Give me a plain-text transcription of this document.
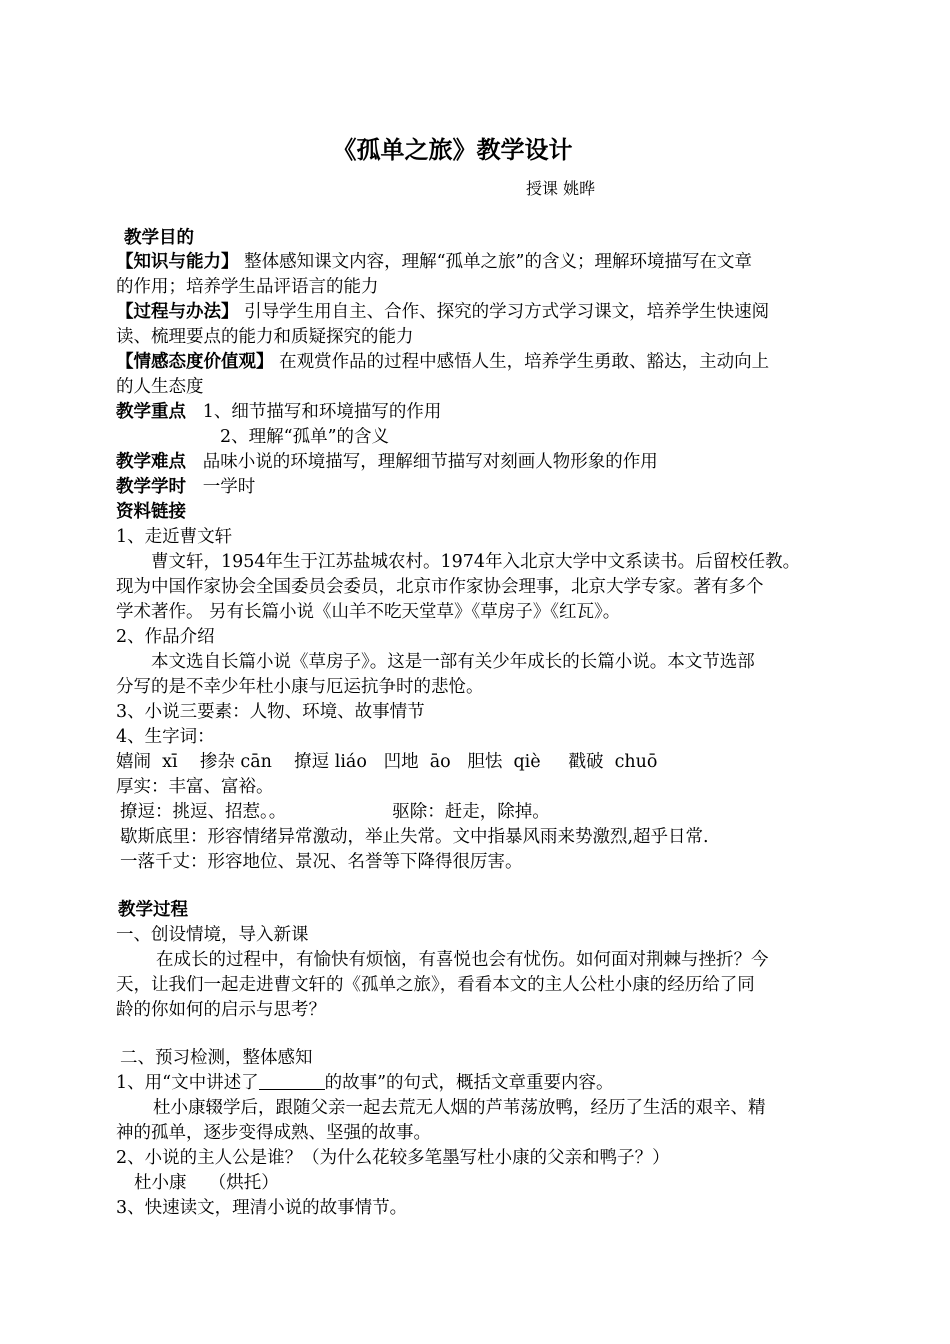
《孤单之旅》教学设计
授课 姚晔
教学目的
【知识与能力】 整体感知课文内容，理解“孤单之旅”的含义；理解环境描写在文章
的作用；培养学生品评语言的能力
【过程与办法】 引导学生用自主、合作、探究的学习方式学习课文，培养学生快速阅
读、梳理要点的能力和质疑探究的能力
【情感态度价值观】 在观赏作品的过程中感悟人生，培养学生勇敢、豁达，主动向上
的人生态度
教学重点 1、细节描写和环境描写的作用
2、理解“孤单”的含义
教学难点 品味小说的环境描写，理解细节描写对刻画人物形象的作用
教学学时 一学时
资料链接
1、走近曹文轩
曹文轩，1954年生于江苏盐城农村。1974年入北京大学中文系读书。后留校任教。
现为中国作家协会全国委员会委员，北京市作家协会理事，北京大学专家。著有多个
学术著作。 另有长篇小说《山羊不吃天堂草》《草房子》《红瓦》。
2、作品介绍
本文选自长篇小说《草房子》。这是一部有关少年成长的长篇小说。本文节选部
分写的是不幸少年杜小康与厄运抗争时的悲怆。
3、小说三要素：人物、环境、故事情节
4、生字词：
嬉闹  xī    掺杂 cān    撩逗 liáo   凹地  āo   胆怯  qiè     戳破  chuō
厚实：丰富、富裕。
撩逗：挑逗、招惹。。	驱除：赶走，除掉。
歇斯底里：形容情绪异常激动，举止失常。文中指暴风雨来势激烈,超乎日常.
一落千丈：形容地位、景况、名誉等下降得很厉害。
教学过程
一、创设情境，导入新课
在成长的过程中，有愉快有烦恼，有喜悦也会有忧伤。如何面对荆棘与挫折？今
天，让我们一起走进曹文轩的《孤单之旅》，看看本文的主人公杜小康的经历给了同
龄的你如何的启示与思考？
二、预习检测，整体感知
1、用“文中讲述了	的故事”的句式，概括文章重要内容。
杜小康辍学后，跟随父亲一起去荒无人烟的芦苇荡放鸭，经历了生活的艰辛、精
神的孤单，逐步变得成熟、坚强的故事。
2、小说的主人公是谁？（为什么花较多笔墨写杜小康的父亲和鸭子？）
杜小康    （烘托）
3、快速读文，理清小说的故事情节。
